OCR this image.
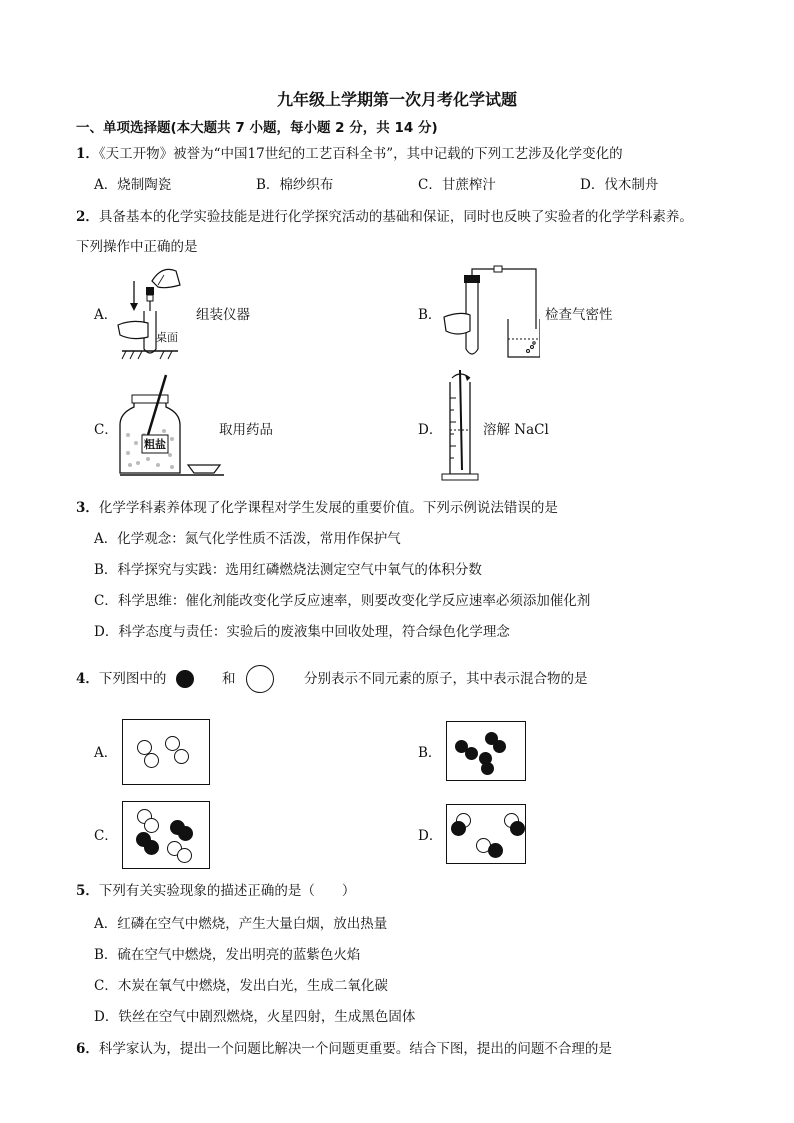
九年级上学期第一次月考化学试题
一、单项选择题(本大题共 7 小题，每小题 2 分，共 14 分)
1．《天工开物》被誉为“中国17世纪的工艺百科全书”，其中记载的下列工艺涉及化学变化的
A．烧制陶瓷	B．棉纱织布	C．甘蔗榨汁	D．伐木制舟
2．具备基本的化学实验技能是进行化学探究活动的基础和保证，同时也反映了实验者的化学学科素养。
下列操作中正确的是
A．
桌面
组装仪器	B．	检查气密性
C．
粗盐
取用药品	D．	溶解 NaCl
3．化学学科素养体现了化学课程对学生发展的重要价值。下列示例说法错误的是
A．化学观念：氮气化学性质不活泼，常用作保护气
B．科学探究与实践：选用红磷燃烧法测定空气中氧气的体积分数
C．科学思维：催化剂能改变化学反应速率，则要改变化学反应速率必须添加催化剂
D．科学态度与责任：实验后的废液集中回收处理，符合绿色化学理念
4．下列图中的	和	分别表示不同元素的原子，其中表示混合物的是
A．	B．
C．	D．
5．下列有关实验现象的描述正确的是（　　）
A．红磷在空气中燃烧，产生大量白烟，放出热量
B．硫在空气中燃烧，发出明亮的蓝紫色火焰
C．木炭在氧气中燃烧，发出白光，生成二氧化碳
D．铁丝在空气中剧烈燃烧，火星四射，生成黑色固体
6．科学家认为，提出一个问题比解决一个问题更重要。结合下图，提出的问题不合理的是
